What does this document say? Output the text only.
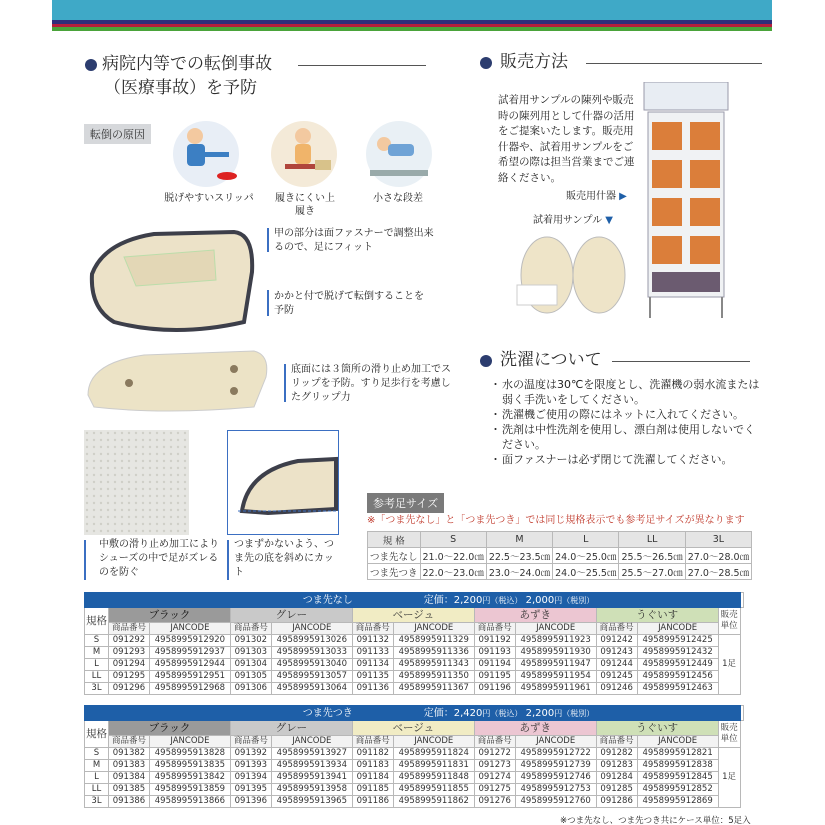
病院内等での転倒事故
（医療事故）を予防
転倒の原因
脱げやすいスリッパ	履きにくい上履き
小さな段差
甲の部分は面ファスナーで調整出来るので、足にフィット
かかと付で脱げて転倒することを予防
底面には３箇所の滑り止め加工でスリップを予防。すり足歩行を考慮したグリップ力
中敷の滑り止め加工によりシューズの中で足がズレるのを防ぐ
つまずかないよう、つま先の底を斜めにカット
販売方法
試着用サンプルの陳列や販売時の陳列用として什器の活用をご提案いたします。販売用什器や、試着用サンプルをご希望の際は担当営業までご連絡ください。
販売用什器 ▶
試着用サンプル ▼
洗濯について
・ 水の温度は30℃を限度とし、洗濯機の弱水流または弱く手洗いをしてください。
・ 洗濯機ご使用の際にはネットに入れてください。
・ 洗剤は中性洗剤を使用し、漂白剤は使用しないでください。
・ 面ファスナーは必ず閉じて洗濯してください。
参考足サイズ
※「つま先なし」と「つま先つき」では同じ規格表示でも参考足サイズが異なります
規 格	S	M	L	LL	3L
つま先なし	21.0～22.0㎝	22.5～23.5㎝	24.0～25.0㎝	25.5～26.5㎝	27.0～28.0㎝
つま先つき	22.0～23.0㎝	23.0～24.0㎝	24.0～25.5㎝	25.5～27.0㎝	27.0～28.5㎝
つま先なし						定価：2,200円（税込） 2,000円（税別）						
規格	ブラック		グレー		ベージュ		あずき		うぐいす		販売単位	
	商品番号	JANCODE	商品番号	JANCODE	商品番号	JANCODE	商品番号	JANCODE	商品番号	JANCODE		
S	091292	4958995912920	091302	4958995913026	091132	4958995911329	091192	4958995911923	091242	4958995912425	1足	
M	091293	4958995912937	091303	4958995913033	091133	4958995911336	091193	4958995911930	091243	4958995912432		
L	091294	4958995912944	091304	4958995913040	091134	4958995911343	091194	4958995911947	091244	4958995912449		
LL	091295	4958995912951	091305	4958995913057	091135	4958995911350	091195	4958995911954	091245	4958995912456		
3L	091296	4958995912968	091306	4958995913064	091136	4958995911367	091196	4958995911961	091246	4958995912463		
つま先つき						定価：2,420円（税込） 2,200円（税別）						
規格	ブラック		グレー		ベージュ		あずき		うぐいす		販売単位	
	商品番号	JANCODE	商品番号	JANCODE	商品番号	JANCODE	商品番号	JANCODE	商品番号	JANCODE		
S	091382	4958995913828	091392	4958995913927	091182	4958995911824	091272	4958995912722	091282	4958995912821	1足	
M	091383	4958995913835	091393	4958995913934	091183	4958995911831	091273	4958995912739	091283	4958995912838		
L	091384	4958995913842	091394	4958995913941	091184	4958995911848	091274	4958995912746	091284	4958995912845		
LL	091385	4958995913859	091395	4958995913958	091185	4958995911855	091275	4958995912753	091285	4958995912852		
3L	091386	4958995913866	091396	4958995913965	091186	4958995911862	091276	4958995912760	091286	4958995912869		
※つま先なし、つま先つき共にケース単位：5足入
